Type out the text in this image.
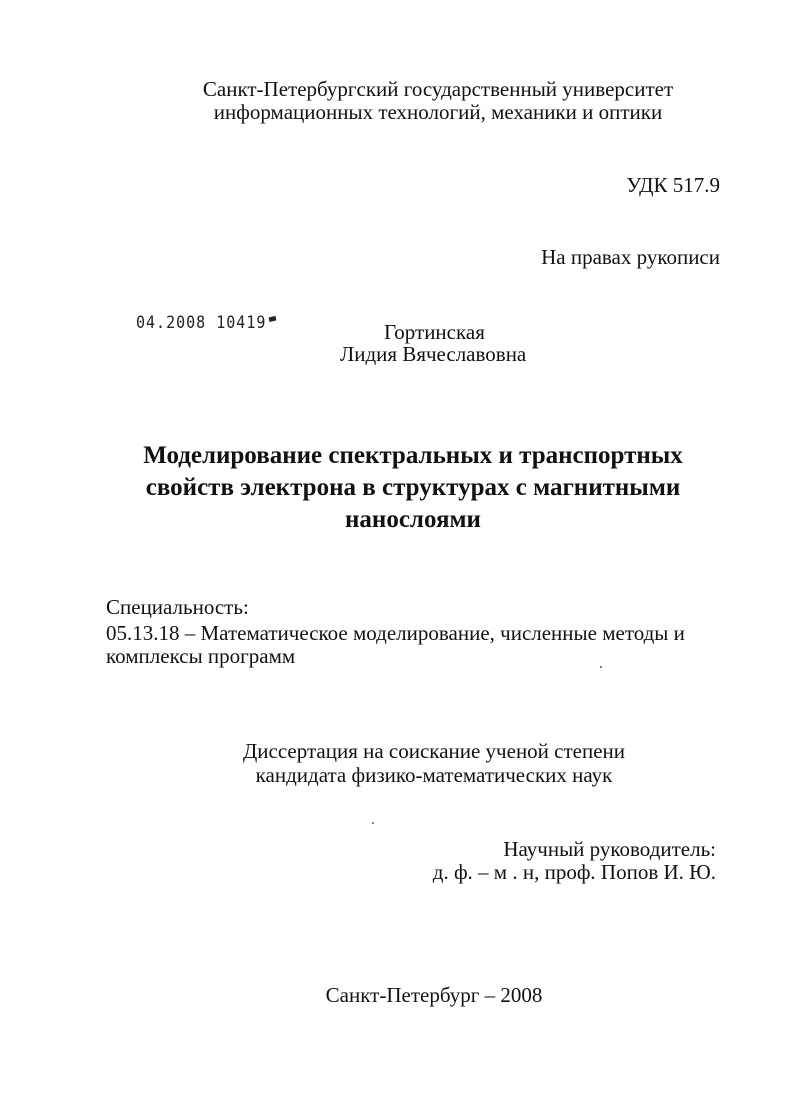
Санкт-Петербургский государственный университет
информационных технологий, механики и оптики
УДК 517.9
На правах рукописи
04.2008 10419	Гортинская
Лидия Вячеславовна
Моделирование спектральных и транспортных
свойств электрона в структурах с магнитными
нанослоями
Специальность:
05.13.18 – Математическое моделирование, численные методы и
комплексы программ
Диссертация на соискание ученой степени
кандидата физико-математических наук
Научный руководитель:
д. ф. – м . н, проф. Попов И. Ю.
Санкт-Петербург – 2008
